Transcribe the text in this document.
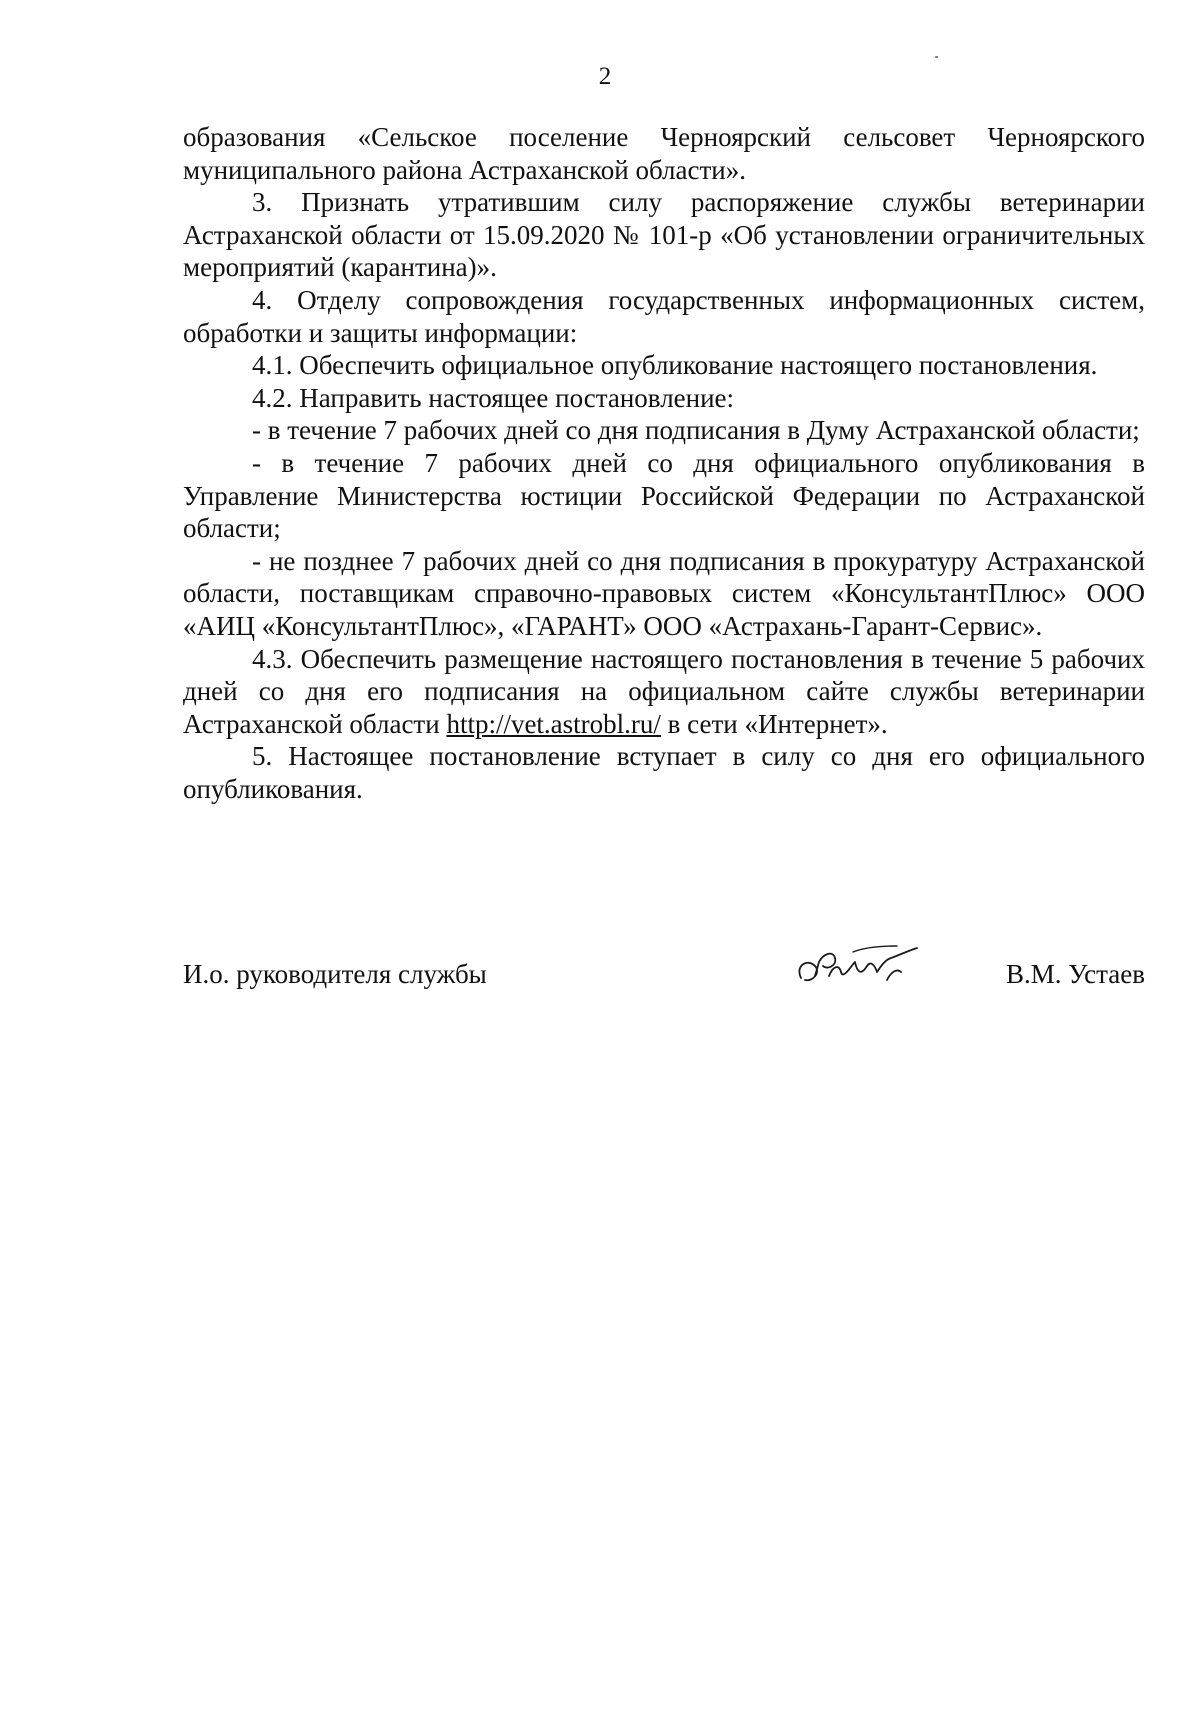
2

образования «Сельское поселение Черноярский сельсовет Черноярского муниципального района Астраханской области».

3. Признать утратившим силу распоряжение службы ветеринарии Астраханской области от 15.09.2020 № 101-р «Об установлении ограничительных мероприятий (карантина)».

4. Отделу сопровождения государственных информационных систем, обработки и защиты информации:

4.1. Обеспечить официальное опубликование настоящего постановления.

4.2. Направить настоящее постановление:

- в течение 7 рабочих дней со дня подписания в Думу Астраханской области;

- в течение 7 рабочих дней со дня официального опубликования в Управление Министерства юстиции Российской Федерации по Астраханской области;

- не позднее 7 рабочих дней со дня подписания в прокуратуру Астраханской области, поставщикам справочно-правовых систем «КонсультантПлюс» ООО «АИЦ «КонсультантПлюс», «ГАРАНТ» ООО «Астрахань-Гарант-Сервис».

4.3. Обеспечить размещение настоящего постановления в течение 5 рабочих дней со дня его подписания на официальном сайте службы ветеринарии Астраханской области http://vet.astrobl.ru/ в сети «Интернет».

5. Настоящее постановление вступает в силу со дня его официального опубликования.

И.о. руководителя службы	В.М. Устаев
